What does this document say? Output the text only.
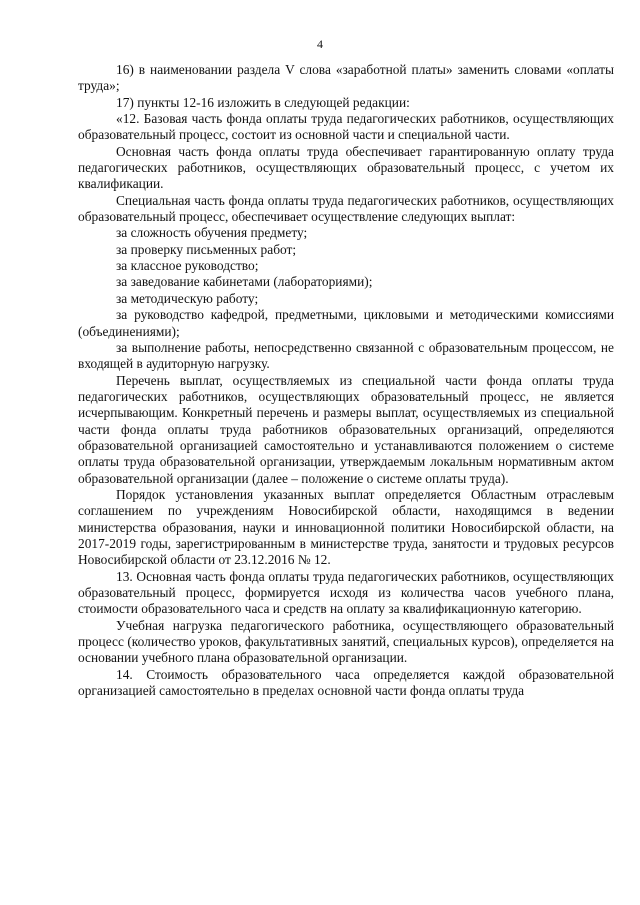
4

16) в наименовании раздела V слова «заработной платы» заменить словами «оплаты труда»;

17) пункты 12-16 изложить в следующей редакции:

«12. Базовая часть фонда оплаты труда педагогических работников, осуществляющих образовательный процесс, состоит из основной части и специальной части.

Основная часть фонда оплаты труда обеспечивает гарантированную оплату труда педагогических работников, осуществляющих образовательный процесс, с учетом их квалификации.

Специальная часть фонда оплаты труда педагогических работников, осуществляющих образовательный процесс, обеспечивает осуществление следующих выплат:

за сложность обучения предмету;

за проверку письменных работ;

за классное руководство;

за заведование кабинетами (лабораториями);

за методическую работу;

за руководство кафедрой, предметными, цикловыми и методическими комиссиями (объединениями);

за выполнение работы, непосредственно связанной с образовательным процессом, не входящей в аудиторную нагрузку.

Перечень выплат, осуществляемых из специальной части фонда оплаты труда педагогических работников, осуществляющих образовательный процесс, не является исчерпывающим. Конкретный перечень и размеры выплат, осуществляемых из специальной части фонда оплаты труда работников образовательных организаций, определяются образовательной организацией самостоятельно и устанавливаются положением о системе оплаты труда образовательной организации, утверждаемым локальным нормативным актом образовательной организации (далее – положение о системе оплаты труда).

Порядок установления указанных выплат определяется Областным отраслевым соглашением по учреждениям Новосибирской области, находящимся в ведении министерства образования, науки и инновационной политики Новосибирской области, на 2017-2019 годы, зарегистрированным в министерстве труда, занятости и трудовых ресурсов Новосибирской области от 23.12.2016 № 12.

13. Основная часть фонда оплаты труда педагогических работников, осуществляющих образовательный процесс, формируется исходя из количества часов учебного плана, стоимости образовательного часа и средств на оплату за квалификационную категорию.

Учебная нагрузка педагогического работника, осуществляющего образовательный процесс (количество уроков, факультативных занятий, специальных курсов), определяется на основании учебного плана образовательной организации.

14. Стоимость образовательного часа определяется каждой образовательной организацией самостоятельно в пределах основной части фонда оплаты труда
